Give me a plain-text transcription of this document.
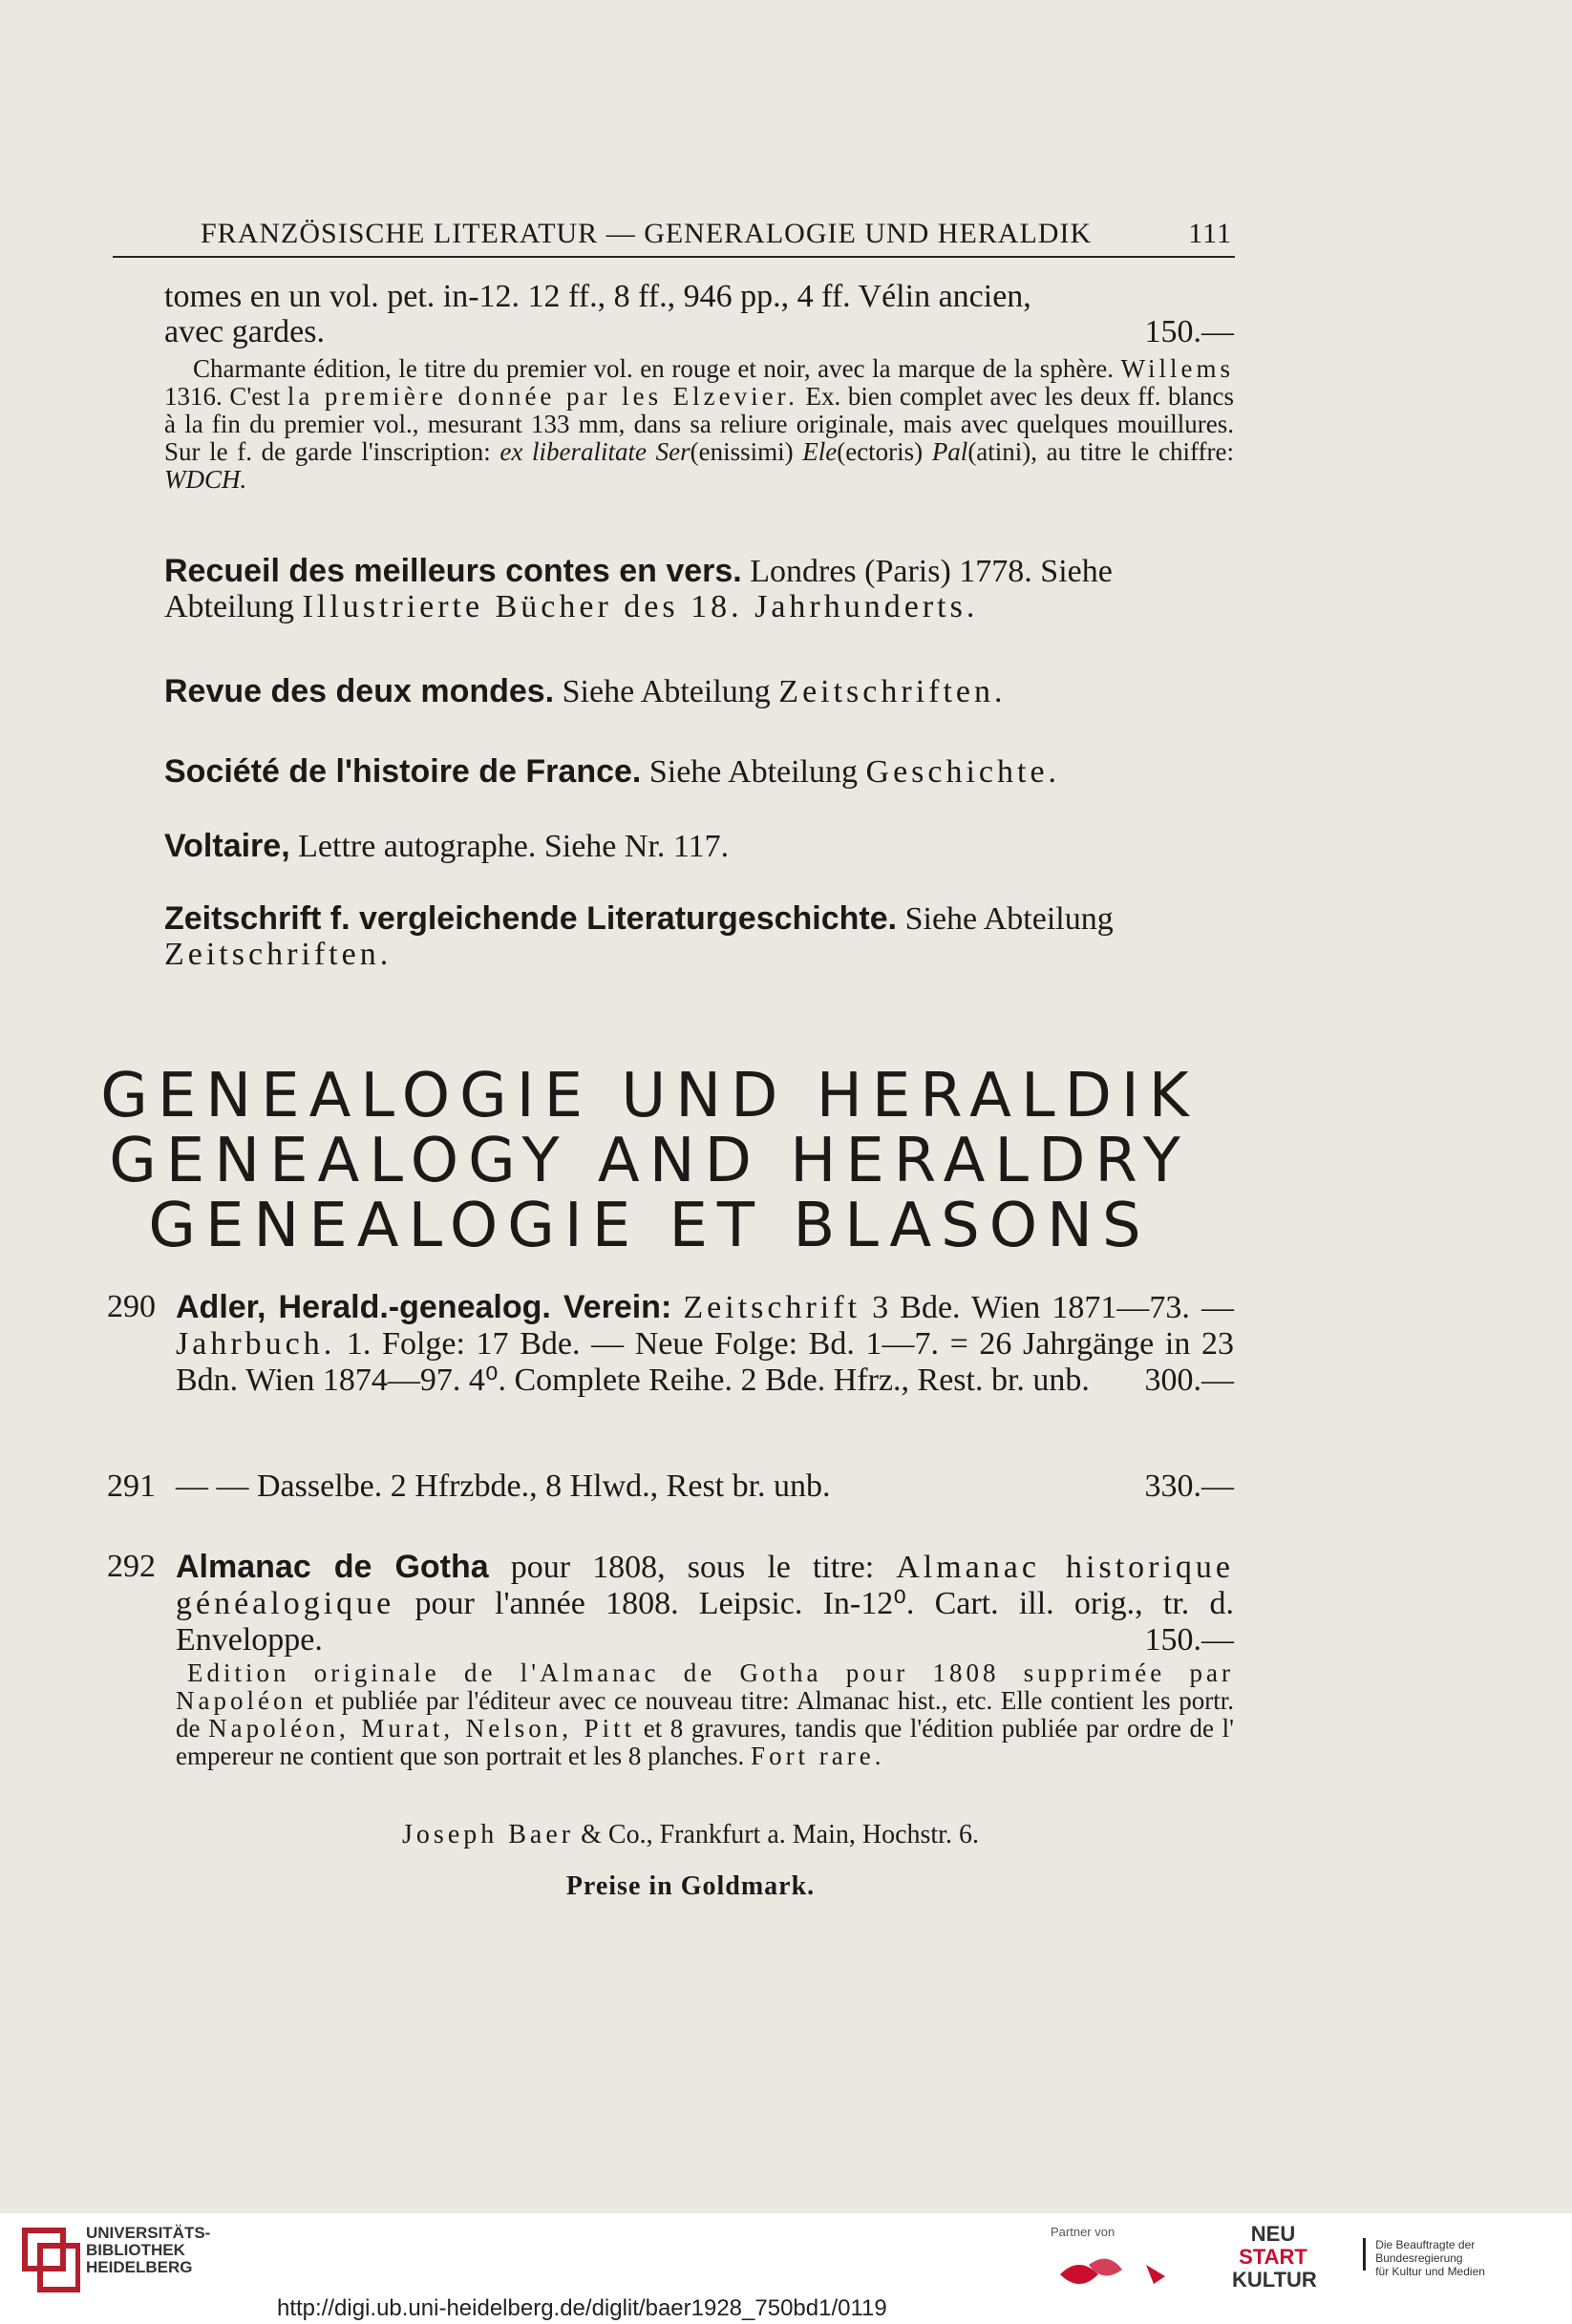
FRANZÖSISCHE LITERATUR — GENERALOGIE UND HERALDIK	111
tomes en un vol. pet. in-12. 12 ff., 8 ff., 946 pp., 4 ff. Vélin ancien,
avec gardes.	150.—
Charmante édition, le titre du premier vol. en rouge et noir, avec la marque de la sphère. Willems 1316. C'est la première donnée par les Elzevier. Ex. bien complet avec les deux ff. blancs à la fin du premier vol., mesurant 133 mm, dans sa reliure originale, mais avec quelques mouillures. Sur le f. de garde l'inscription: ex liberalitate Ser(enissimi) Ele(ectoris) Pal(atini), au titre le chiffre: WDCH.
Recueil des meilleurs contes en vers. Londres (Paris) 1778. Siehe Abteilung Illustrierte Bücher des 18. Jahrhunderts.
Revue des deux mondes. Siehe Abteilung Zeitschriften.
Société de l'histoire de France. Siehe Abteilung Geschichte.
Voltaire, Lettre autographe. Siehe Nr. 117.
Zeitschrift f. vergleichende Literaturgeschichte. Siehe Abteilung Zeitschriften.
GENEALOGIE UND HERALDIK
GENEALOGY AND HERALDRY
GENEALOGIE ET BLASONS
290 Adler, Herald.-genealog. Verein: Zeitschrift 3 Bde. Wien 1871—73. — Jahrbuch. 1. Folge: 17 Bde. — Neue Folge: Bd. 1—7. = 26 Jahrgänge in 23 Bdn. Wien 1874—97. 4⁰. Complete Reihe. 2 Bde. Hfrz., Rest. br. unb. 300.—
291 — — Dasselbe. 2 Hfrzbde., 8 Hlwd., Rest br. unb.	330.—
292 Almanac de Gotha pour 1808, sous le titre: Almanac historique généalogique pour l'année 1808. Leipsic. In-12⁰. Cart. ill. orig., tr. d. Enveloppe.	150.—
Edition originale de l'Almanac de Gotha pour 1808 supprimée par Napoléon et publiée par l'éditeur avec ce nouveau titre: Almanac hist., etc. Elle contient les portr. de Napoléon, Murat, Nelson, Pitt et 8 gravures, tandis que l'édition publiée par ordre de l' empereur ne contient que son portrait et les 8 planches. Fort rare.
Joseph Baer & Co., Frankfurt a. Main, Hochstr. 6.
Preise in Goldmark.
UNIVERSITÄTS-
BIBLIOTHEK
HEIDELBERG
http://digi.ub.uni-heidelberg.de/diglit/baer1928_750bd1/0119
Partner von	NEU
START
KULTUR
Die Beauftragte der Bundesregierung
für Kultur und Medien
